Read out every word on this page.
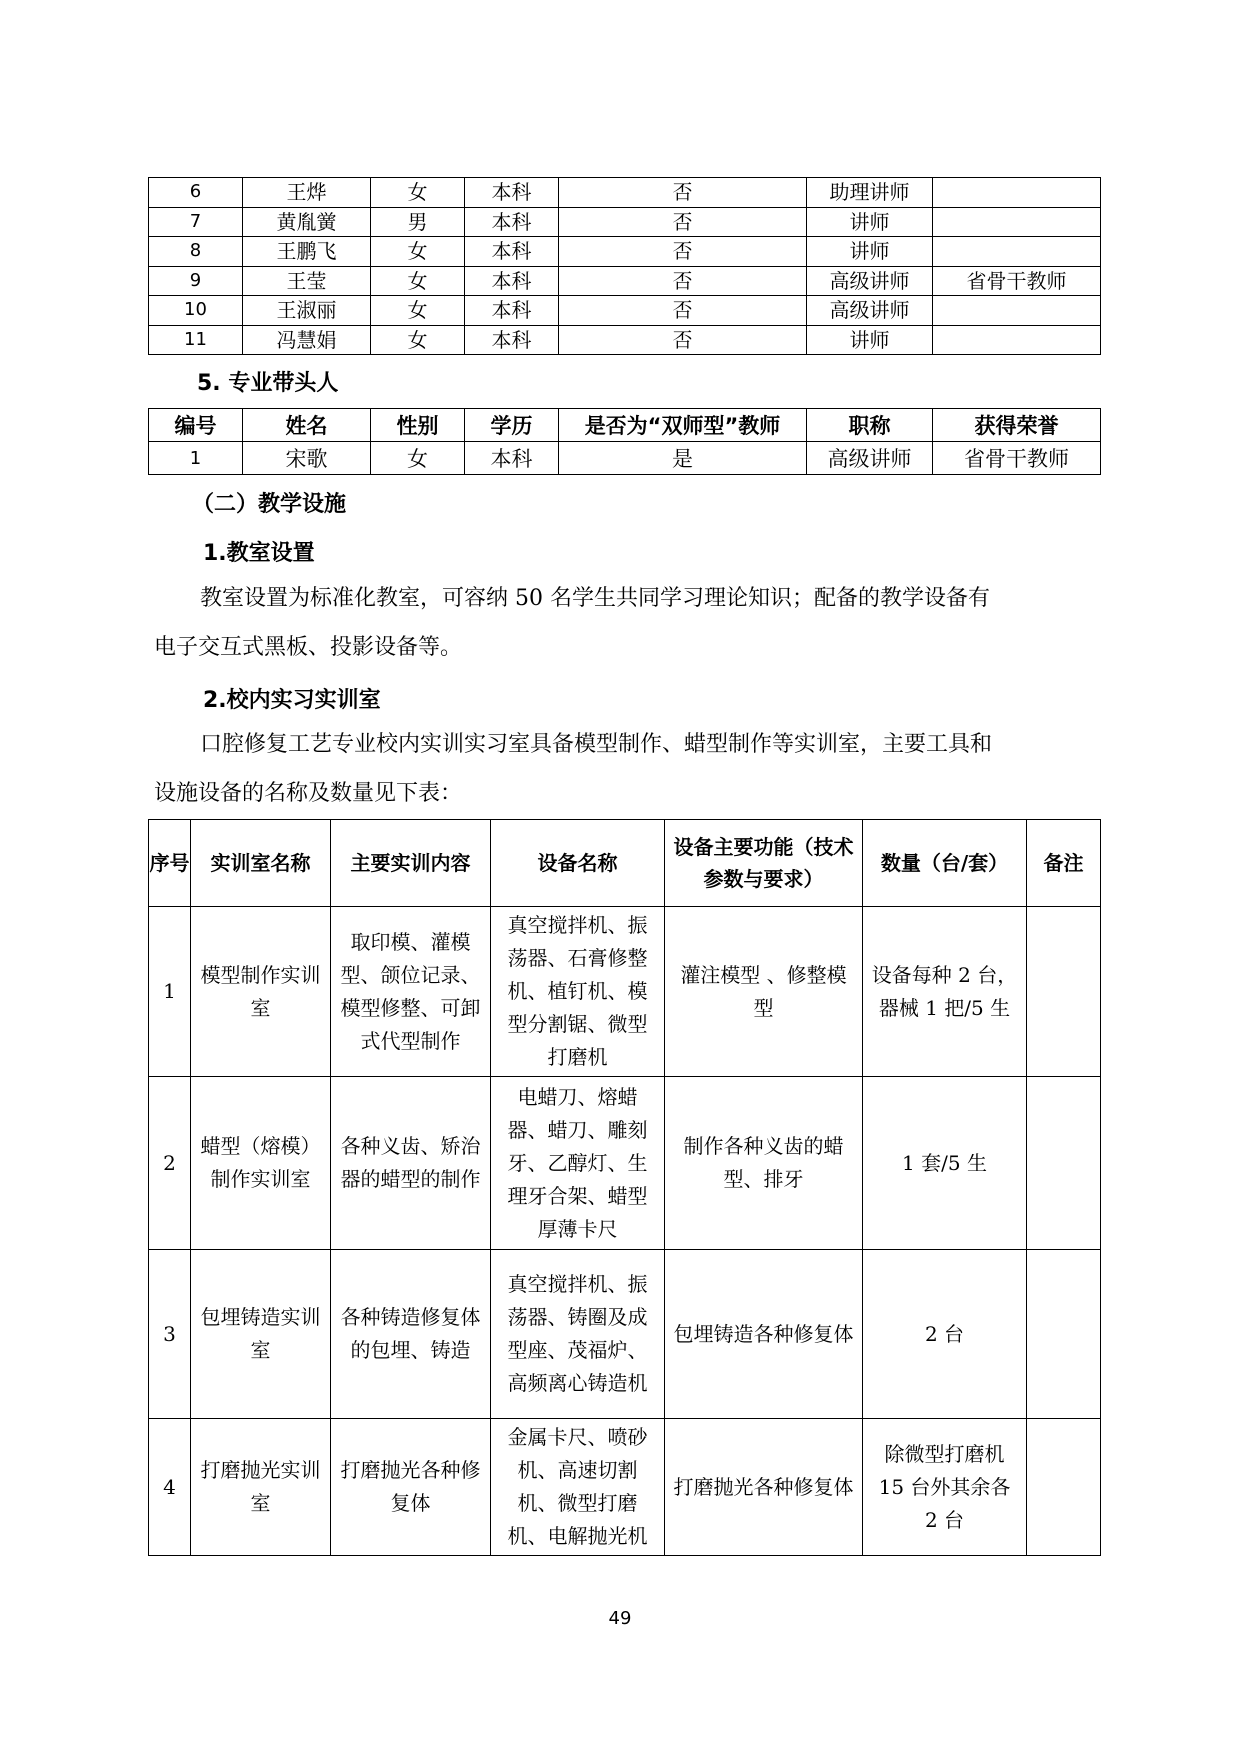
6	王烨	女	本科	否	助理讲师	
7	黄胤黉	男	本科	否	讲师	
8	王鹏飞	女	本科	否	讲师	
9	王莹	女	本科	否	高级讲师	省骨干教师
10	王淑丽	女	本科	否	高级讲师	
11	冯慧娟	女	本科	否	讲师	
5. 专业带头人
编号	姓名	性别	学历	是否为“双师型”教师	职称	获得荣誉
1	宋歌	女	本科	是	高级讲师	省骨干教师
（二）教学设施
1.教室设置
教室设置为标准化教室，可容纳 50 名学生共同学习理论知识；配备的教学设备有
电子交互式黑板、投影设备等。
2.校内实习实训室
口腔修复工艺专业校内实训实习室具备模型制作、蜡型制作等实训室，主要工具和
设施设备的名称及数量见下表：
序号	实训室名称	主要实训内容	设备名称	设备主要功能（技术参数与要求）	数量（台/套）	备注
1	模型制作实训室	取印模、灌模型、颌位记录、模型修整、可卸式代型制作	真空搅拌机、振荡器、石膏修整机、植钉机、模型分割锯、微型打磨机	灌注模型 、修整模型	设备每种 2 台，器械 1 把/5 生	
2	蜡型（熔模）制作实训室	各种义齿、矫治器的蜡型的制作	电蜡刀、熔蜡器、蜡刀、雕刻牙、乙醇灯、生理牙合架、蜡型厚薄卡尺	制作各种义齿的蜡型、排牙	1 套/5 生	
3	包埋铸造实训室	各种铸造修复体的包埋、铸造	真空搅拌机、振荡器、铸圈及成型座、茂福炉、高频离心铸造机	包埋铸造各种修复体	2 台	
4	打磨抛光实训室	打磨抛光各种修复体	金属卡尺、喷砂机、高速切割机、微型打磨机、电解抛光机	打磨抛光各种修复体	除微型打磨机 15 台外其余各 2 台	
49
